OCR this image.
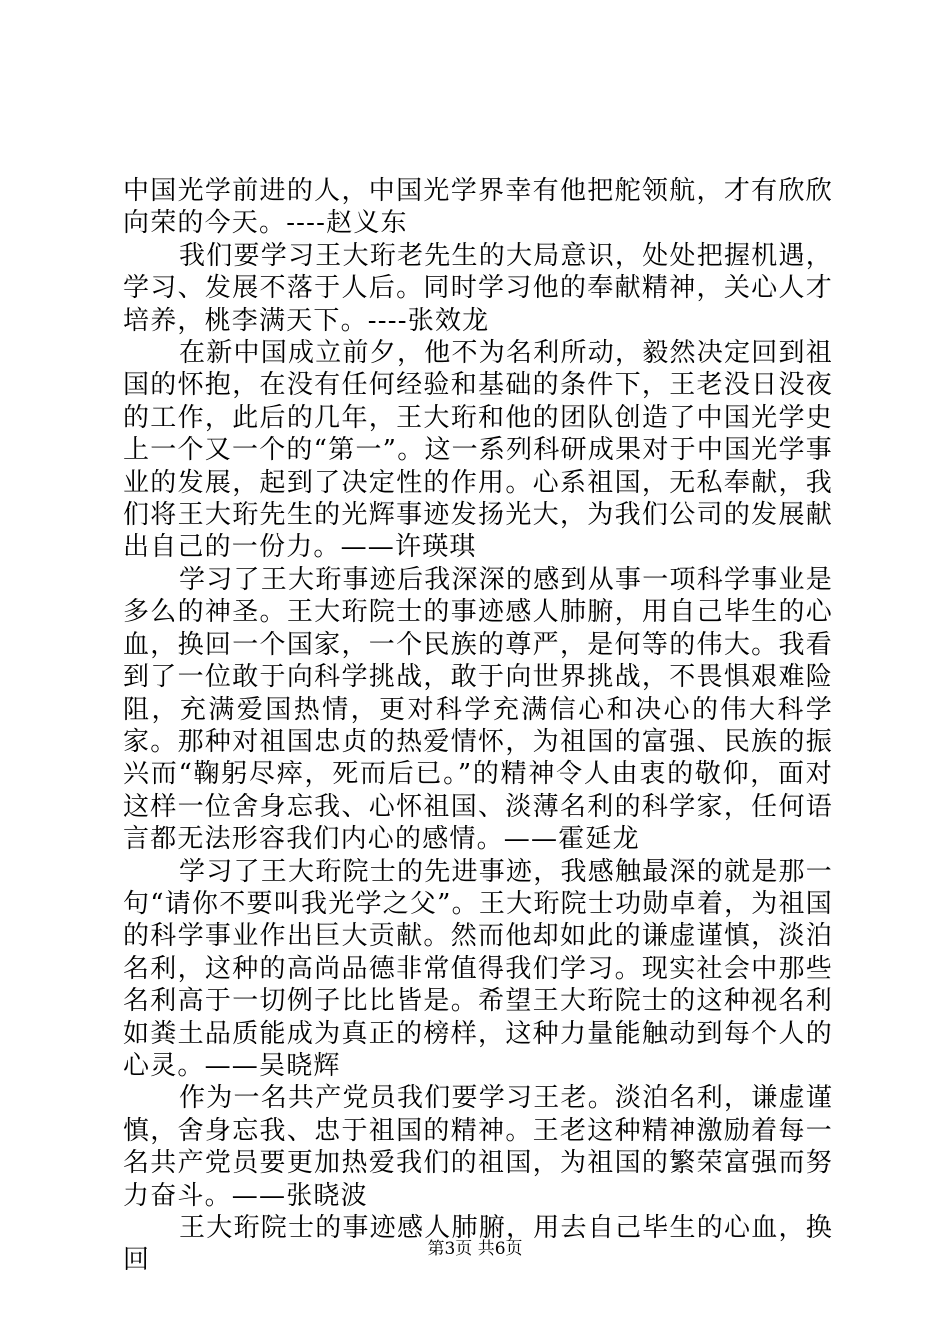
中国光学前进的人，中国光学界幸有他把舵领航，才有欣欣向荣的今天。----赵义东

我们要学习王大珩老先生的大局意识，处处把握机遇，学习、发展不落于人后。同时学习他的奉献精神，关心人才培养，桃李满天下。----张效龙

在新中国成立前夕，他不为名利所动，毅然决定回到祖国的怀抱，在没有任何经验和基础的条件下，王老没日没夜的工作，此后的几年，王大珩和他的团队创造了中国光学史上一个又一个的“第一”。这一系列科研成果对于中国光学事业的发展，起到了决定性的作用。心系祖国，无私奉献，我们将王大珩先生的光辉事迹发扬光大，为我们公司的发展献出自己的一份力。——许瑛琪

学习了王大珩事迹后我深深的感到从事一项科学事业是多么的神圣。王大珩院士的事迹感人肺腑，用自己毕生的心血，换回一个国家，一个民族的尊严，是何等的伟大。我看到了一位敢于向科学挑战，敢于向世界挑战，不畏惧艰难险阻，充满爱国热情，更对科学充满信心和决心的伟大科学家。那种对祖国忠贞的热爱情怀，为祖国的富强、民族的振兴而“鞠躬尽瘁，死而后已。”的精神令人由衷的敬仰，面对这样一位舍身忘我、心怀祖国、淡薄名利的科学家，任何语言都无法形容我们内心的感情。——霍延龙

学习了王大珩院士的先进事迹，我感触最深的就是那一句“请你不要叫我光学之父”。王大珩院士功勋卓着，为祖国的科学事业作出巨大贡献。然而他却如此的谦虚谨慎，淡泊名利，这种的高尚品德非常值得我们学习。现实社会中那些名利高于一切例子比比皆是。希望王大珩院士的这种视名利如粪土品质能成为真正的榜样，这种力量能触动到每个人的心灵。——吴晓辉

作为一名共产党员我们要学习王老。淡泊名利，谦虚谨慎，舍身忘我、忠于祖国的精神。王老这种精神激励着每一名共产党员要更加热爱我们的祖国，为祖国的繁荣富强而努力奋斗。——张晓波

王大珩院士的事迹感人肺腑，用去自己毕生的心血，换回	第3页 共6页
